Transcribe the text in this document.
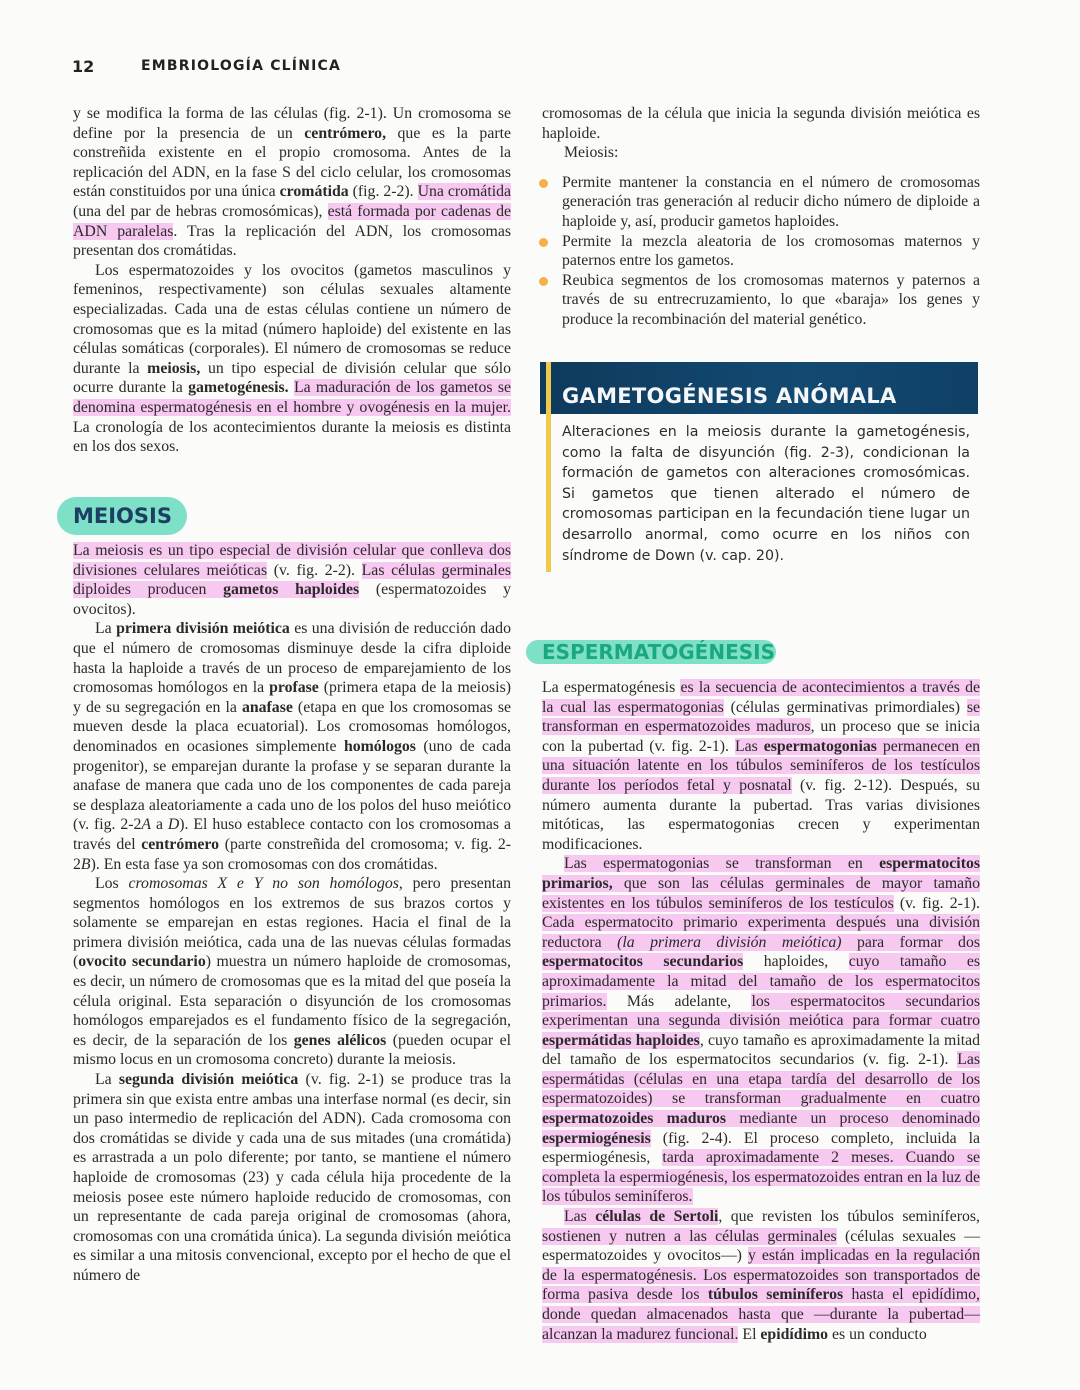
12	EMBRIOLOGÍA CLÍNICA

y se modifica la forma de las células (fig. 2-1). Un cromosoma se define por la presencia de un centrómero, que es la parte constreñida existente en el propio cromosoma. Antes de la replicación del ADN, en la fase S del ciclo celular, los cromosomas están constituidos por una única cromátida (fig. 2-2). Una cromátida (una del par de hebras cromosómicas), está formada por cadenas de ADN paralelas. Tras la replicación del ADN, los cromosomas presentan dos cromátidas.

Los espermatozoides y los ovocitos (gametos masculinos y femeninos, respectivamente) son células sexuales altamente especializadas. Cada una de estas células contiene un número de cromosomas que es la mitad (número haploide) del existente en las células somáticas (corporales). El número de cromosomas se reduce durante la meiosis, un tipo especial de división celular que sólo ocurre durante la gametogénesis. La maduración de los gametos se denomina espermatogénesis en el hombre y ovogénesis en la mujer. La cronología de los acontecimientos durante la meiosis es distinta en los dos sexos.

MEIOSIS

La meiosis es un tipo especial de división celular que conlleva dos divisiones celulares meióticas (v. fig. 2-2). Las células germinales diploides producen gametos haploides (espermatozoides y ovocitos).

La primera división meiótica es una división de reducción dado que el número de cromosomas disminuye desde la cifra diploide hasta la haploide a través de un proceso de emparejamiento de los cromosomas homólogos en la profase (primera etapa de la meiosis) y de su segregación en la anafase (etapa en que los cromosomas se mueven desde la placa ecuatorial). Los cromosomas homólogos, denominados en ocasiones simplemente homólogos (uno de cada progenitor), se emparejan durante la profase y se separan durante la anafase de manera que cada uno de los componentes de cada pareja se desplaza aleatoriamente a cada uno de los polos del huso meiótico (v. fig. 2-2A a D). El huso establece contacto con los cromosomas a través del centrómero (parte constreñida del cromosoma; v. fig. 2-2B). En esta fase ya son cromosomas con dos cromátidas.

Los cromosomas X e Y no son homólogos, pero presentan segmentos homólogos en los extremos de sus brazos cortos y solamente se emparejan en estas regiones. Hacia el final de la primera división meiótica, cada una de las nuevas células formadas (ovocito secundario) muestra un número haploide de cromosomas, es decir, un número de cromosomas que es la mitad del que poseía la célula original. Esta separación o disyunción de los cromosomas homólogos emparejados es el fundamento físico de la segregación, es decir, de la separación de los genes alélicos (pueden ocupar el mismo locus en un cromosoma concreto) durante la meiosis.

La segunda división meiótica (v. fig. 2-1) se produce tras la primera sin que exista entre ambas una interfase normal (es decir, sin un paso intermedio de replicación del ADN). Cada cromosoma con dos cromátidas se divide y cada una de sus mitades (una cromátida) es arrastrada a un polo diferente; por tanto, se mantiene el número haploide de cromosomas (23) y cada célula hija procedente de la meiosis posee este número haploide reducido de cromosomas, con un representante de cada pareja original de cromosomas (ahora, cromosomas con una cromátida única). La segunda división meiótica es similar a una mitosis convencional, excepto por el hecho de que el número de

cromosomas de la célula que inicia la segunda división meiótica es haploide.

Meiosis:

Permite mantener la constancia en el número de cromosomas generación tras generación al reducir dicho número de diploide a haploide y, así, producir gametos haploides.
Permite la mezcla aleatoria de los cromosomas maternos y paternos entre los gametos.
Reubica segmentos de los cromosomas maternos y paternos a través de su entrecruzamiento, lo que «baraja» los genes y produce la recombinación del material genético.
GAMETOGÉNESIS ANÓMALA
Alteraciones en la meiosis durante la gametogénesis, como la falta de disyunción (fig. 2-3), condicionan la formación de gametos con alteraciones cromosómicas. Si gametos que tienen alterado el número de cromosomas participan en la fecundación tiene lugar un desarrollo anormal, como ocurre en los niños con síndrome de Down (v. cap. 20).
ESPERMATOGÉNESIS

La espermatogénesis es la secuencia de acontecimientos a través de la cual las espermatogonias (células germinativas primordiales) se transforman en espermatozoides maduros, un proceso que se inicia con la pubertad (v. fig. 2-1). Las espermatogonias permanecen en una situación latente en los túbulos seminíferos de los testículos durante los períodos fetal y posnatal (v. fig. 2-12). Después, su número aumenta durante la pubertad. Tras varias divisiones mitóticas, las espermatogonias crecen y experimentan modificaciones.

Las espermatogonias se transforman en espermatocitos primarios, que son las células germinales de mayor tamaño existentes en los túbulos seminíferos de los testículos (v. fig. 2-1). Cada espermatocito primario experimenta después una división reductora (la primera división meiótica) para formar dos espermatocitos secundarios haploides, cuyo tamaño es aproximadamente la mitad del tamaño de los espermatocitos primarios. Más adelante, los espermatocitos secundarios experimentan una segunda división meiótica para formar cuatro espermátidas haploides, cuyo tamaño es aproximadamente la mitad del tamaño de los espermatocitos secundarios (v. fig. 2-1). Las espermátidas (células en una etapa tardía del desarrollo de los espermatozoides) se transforman gradualmente en cuatro espermatozoides maduros mediante un proceso denominado espermiogénesis (fig. 2-4). El proceso completo, incluida la espermiogénesis, tarda aproximadamente 2 meses. Cuando se completa la espermiogénesis, los espermatozoides entran en la luz de los túbulos seminíferos.

Las células de Sertoli, que revisten los túbulos seminíferos, sostienen y nutren a las células germinales (células sexuales —espermatozoides y ovocitos—) y están implicadas en la regulación de la espermatogénesis. Los espermatozoides son transportados de forma pasiva desde los túbulos seminíferos hasta el epidídimo, donde quedan almacenados hasta que —durante la pubertad— alcanzan la madurez funcional. El epidídimo es un conducto
